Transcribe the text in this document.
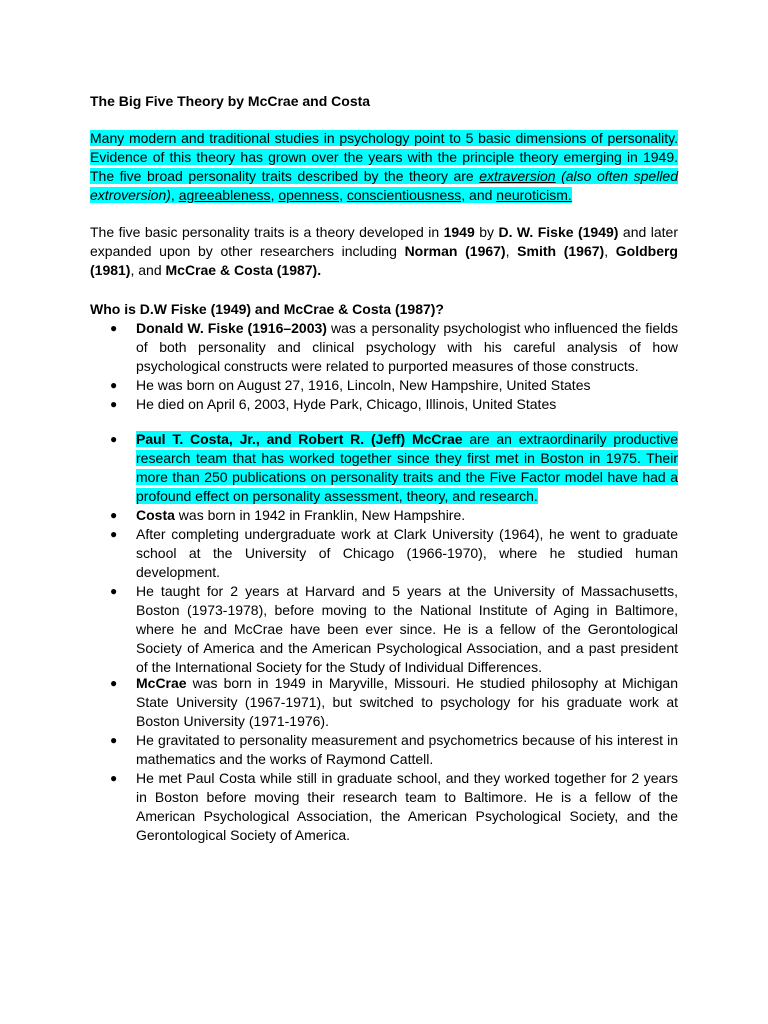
The Big Five Theory by McCrae and Costa

Many modern and traditional studies in psychology point to 5 basic dimensions of personality. Evidence of this theory has grown over the years with the principle theory emerging in 1949. The five broad personality traits described by the theory are extraversion (also often spelled extroversion), agreeableness, openness, conscientiousness, and neuroticism.

The five basic personality traits is a theory developed in 1949 by D. W. Fiske (1949) and later expanded upon by other researchers including Norman (1967), Smith (1967), Goldberg (1981), and McCrae & Costa (1987).

Who is D.W Fiske (1949) and McCrae & Costa (1987)?

● Donald W. Fiske (1916–2003) was a personality psychologist who influenced the fields of both personality and clinical psychology with his careful analysis of how psychological constructs were related to purported measures of those constructs.
● He was born on August 27, 1916, Lincoln, New Hampshire, United States
● He died on April 6, 2003, Hyde Park, Chicago, Illinois, United States
● Paul T. Costa, Jr., and Robert R. (Jeff) McCrae are an extraordinarily productive research team that has worked together since they first met in Boston in 1975. Their more than 250 publications on personality traits and the Five Factor model have had a profound effect on personality assessment, theory, and research.
● Costa was born in 1942 in Franklin, New Hampshire.
● After completing undergraduate work at Clark University (1964), he went to graduate school at the University of Chicago (1966-1970), where he studied human development.
● He taught for 2 years at Harvard and 5 years at the University of Massachusetts, Boston (1973-1978), before moving to the National Institute of Aging in Baltimore, where he and McCrae have been ever since. He is a fellow of the Gerontological Society of America and the American Psychological Association, and a past president of the International Society for the Study of Individual Differences.
● McCrae was born in 1949 in Maryville, Missouri. He studied philosophy at Michigan State University (1967-1971), but switched to psychology for his graduate work at Boston University (1971-1976).
● He gravitated to personality measurement and psychometrics because of his interest in mathematics and the works of Raymond Cattell.
● He met Paul Costa while still in graduate school, and they worked together for 2 years in Boston before moving their research team to Baltimore. He is a fellow of the American Psychological Association, the American Psychological Society, and the Gerontological Society of America.
